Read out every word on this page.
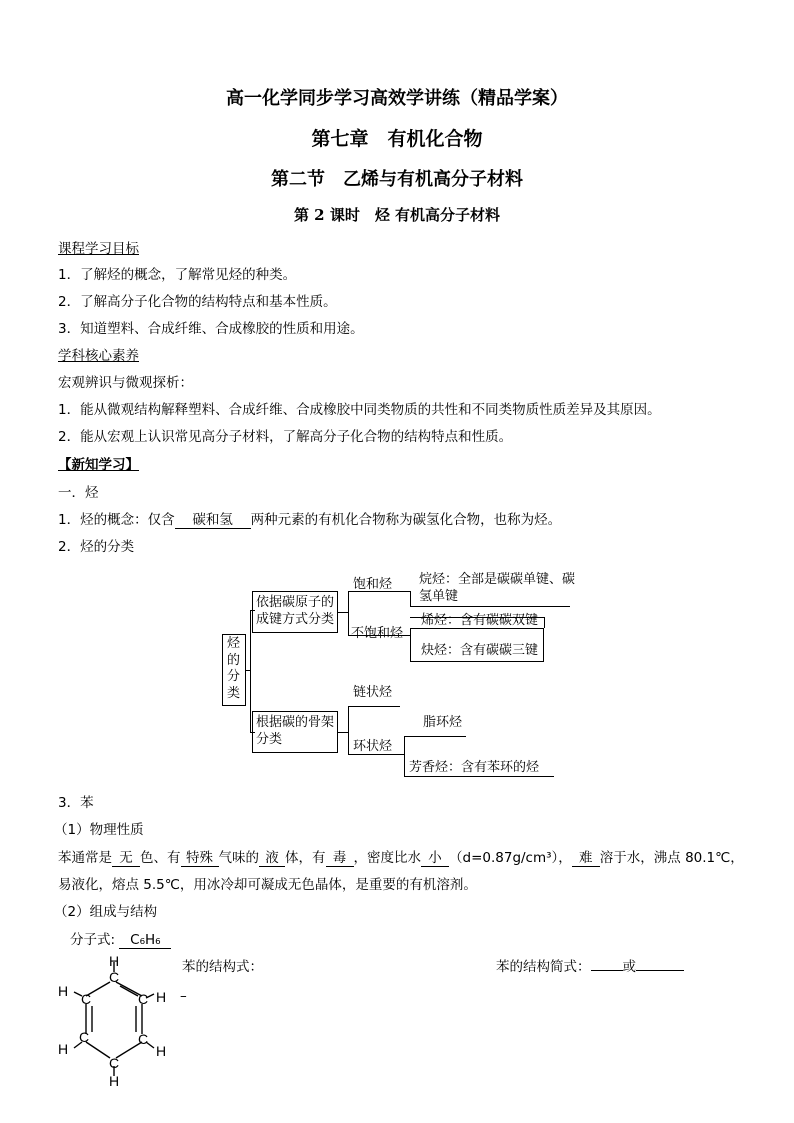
高一化学同步学习高效学讲练（精品学案）
第七章　有机化合物
第二节　乙烯与有机高分子材料
第 2 课时　烃 有机高分子材料
课程学习目标
1．了解烃的概念，了解常见烃的种类。
2．了解高分子化合物的结构特点和基本性质。
3．知道塑料、合成纤维、合成橡胶的性质和用途。
学科核心素养
宏观辨识与微观探析：
1．能从微观结构解释塑料、合成纤维、合成橡胶中同类物质的共性和不同类物质性质差异及其原因。
2．能从宏观上认识常见高分子材料，了解高分子化合物的结构特点和性质。
【新知学习】
一．烃
1．烃的概念：仅含 碳和氢 两种元素的有机化合物称为碳氢化合物，也称为烃。
2．烃的分类
烃
的
分
类
依据碳原子的
成键方式分类
根据碳的骨架
分类
饱和烃
不饱和烃
烷烃：全部是碳碳单键、碳
氢单键
烯烃：含有碳碳双键
炔烃：含有碳碳三键
链状烃
环状烃
脂环烃
芳香烃：含有苯环的烃
3．苯
（1）物理性质
苯通常是 无 色、有 特殊 气味的 液 体，有 毒 ，密度比水 小 （d=0.87g/cm³）， 难 溶于水，沸点 80.1℃，
易液化，熔点 5.5℃，用冰冷却可凝成无色晶体，是重要的有机溶剂。
（2）组成与结构
分子式: C₆H₆
苯的结构式：	苯的结构简式： 或
–
H
C
H C	C H
H
C	C
H
C
H
